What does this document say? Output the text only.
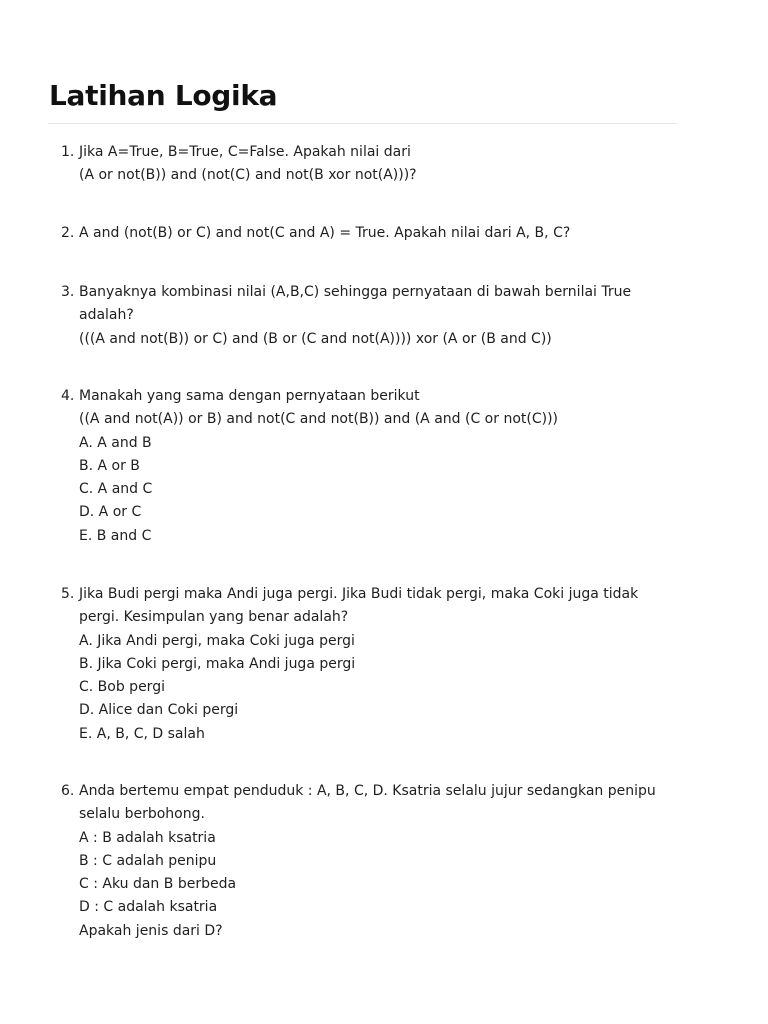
Latihan Logika
1. Jika A=True, B=True, C=False. Apakah nilai dari
(A or not(B)) and (not(C) and not(B xor not(A)))?
2. A and (not(B) or C) and not(C and A) = True. Apakah nilai dari A, B, C?
3. Banyaknya kombinasi nilai (A,B,C) sehingga pernyataan di bawah bernilai True
adalah?
(((A and not(B)) or C) and (B or (C and not(A)))) xor (A or (B and C))
4. Manakah yang sama dengan pernyataan berikut
((A and not(A)) or B) and not(C and not(B)) and (A and (C or not(C)))
A. A and B
B. A or B
C. A and C
D. A or C
E. B and C
5. Jika Budi pergi maka Andi juga pergi. Jika Budi tidak pergi, maka Coki juga tidak
pergi. Kesimpulan yang benar adalah?
A. Jika Andi pergi, maka Coki juga pergi
B. Jika Coki pergi, maka Andi juga pergi
C. Bob pergi
D. Alice dan Coki pergi
E. A, B, C, D salah
6. Anda bertemu empat penduduk : A, B, C, D. Ksatria selalu jujur sedangkan penipu
selalu berbohong.
A : B adalah ksatria
B : C adalah penipu
C : Aku dan B berbeda
D : C adalah ksatria
Apakah jenis dari D?
